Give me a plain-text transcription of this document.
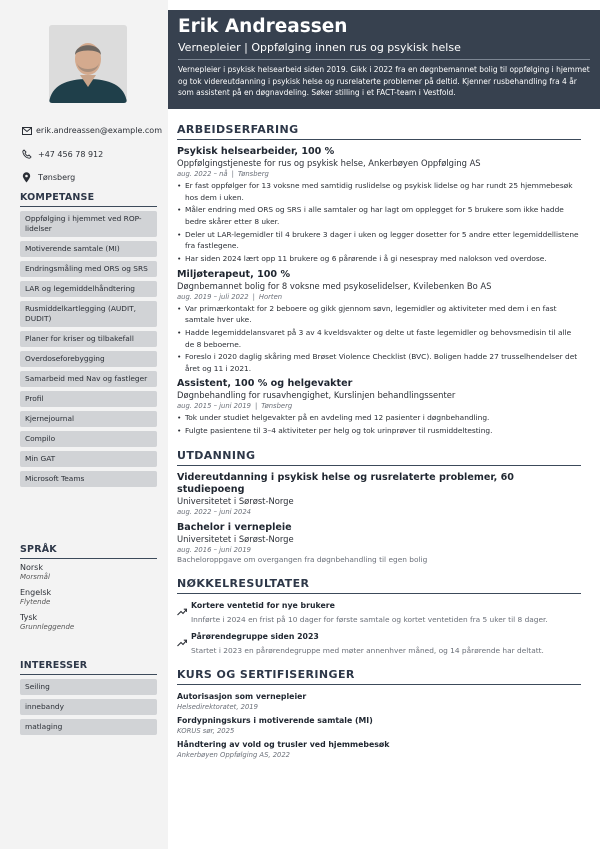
erik.andreassen@example.com
+47 456 78 912
Tønsberg
KOMPETANSE
Oppfølging i hjemmet ved ROP-lidelser
Motiverende samtale (MI)
Endringsmåling med ORS og SRS
LAR og legemiddelhåndtering
Rusmiddelkartlegging (AUDIT, DUDIT)
Planer for kriser og tilbakefall
Overdoseforebygging
Samarbeid med Nav og fastleger
Profil
Kjernejournal
Compilo
Min GAT
Microsoft Teams
SPRÅK
Norsk
Morsmål
Engelsk
Flytende
Tysk
Grunnleggende
INTERESSER
Seiling
innebandy
matlaging
Erik Andreassen
Vernepleier | Oppfølging innen rus og psykisk helse
Vernepleier i psykisk helsearbeid siden 2019. Gikk i 2022 fra en døgnbemannet bolig til oppfølging i hjemmet og tok videreutdanning i psykisk helse og rusrelaterte problemer på deltid. Kjenner rusbehandling fra 4 år som assistent på en døgnavdeling. Søker stilling i et FACT-team i Vestfold.
ARBEIDSERFARING
Psykisk helsearbeider, 100 %
Oppfølgingstjeneste for rus og psykisk helse, Ankerbøyen Oppfølging AS
aug. 2022 – nå | Tønsberg
• Er fast oppfølger for 13 voksne med samtidig ruslidelse og psykisk lidelse og har rundt 25 hjemmebesøk hos dem i uken.
• Måler endring med ORS og SRS i alle samtaler og har lagt om opplegget for 5 brukere som ikke hadde bedre skårer etter 8 uker.
• Deler ut LAR-legemidler til 4 brukere 3 dager i uken og legger dosetter for 5 andre etter legemiddellistene fra fastlegene.
• Har siden 2024 lært opp 11 brukere og 6 pårørende i å gi nesespray med nalokson ved overdose.
Miljøterapeut, 100 %
Døgnbemannet bolig for 8 voksne med psykoselidelser, Kvilebenken Bo AS
aug. 2019 – juli 2022 | Horten
• Var primærkontakt for 2 beboere og gikk gjennom søvn, legemidler og aktiviteter med dem i en fast samtale hver uke.
• Hadde legemiddelansvaret på 3 av 4 kveldsvakter og delte ut faste legemidler og behovsmedisin til alle de 8 beboerne.
• Foreslo i 2020 daglig skåring med Brøset Violence Checklist (BVC). Boligen hadde 27 trusselhendelser det året og 11 i 2021.
Assistent, 100 % og helgevakter
Døgnbehandling for rusavhengighet, Kurslinjen behandlingssenter
aug. 2015 – juni 2019 | Tønsberg
• Tok under studiet helgevakter på en avdeling med 12 pasienter i døgnbehandling.
• Fulgte pasientene til 3–4 aktiviteter per helg og tok urinprøver til rusmiddeltesting.
UTDANNING
Videreutdanning i psykisk helse og rusrelaterte problemer, 60 studiepoeng
Universitetet i Sørøst-Norge
aug. 2022 – juni 2024
Bachelor i vernepleie
Universitetet i Sørøst-Norge
aug. 2016 – juni 2019
Bacheloroppgave om overgangen fra døgnbehandling til egen bolig
NØKKELRESULTATER
Kortere ventetid for nye brukere
Innførte i 2024 en frist på 10 dager for første samtale og kortet ventetiden fra 5 uker til 8 dager.
Pårørendegruppe siden 2023
Startet i 2023 en pårørendegruppe med møter annenhver måned, og 14 pårørende har deltatt.
KURS OG SERTIFISERINGER
Autorisasjon som vernepleier
Helsedirektoratet, 2019
Fordypningskurs i motiverende samtale (MI)
KORUS sør, 2025
Håndtering av vold og trusler ved hjemmebesøk
Ankerbøyen Oppfølging AS, 2022
